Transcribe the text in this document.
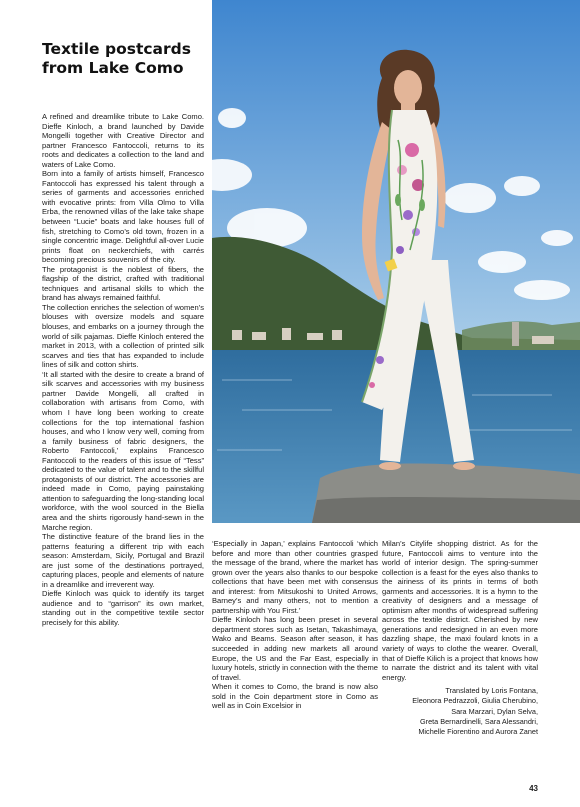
Textile postcards
from Lake Como

A refined and dreamlike tribute to Lake Como. Dieffe Kinloch, a brand launched by Davide Mongelli together with Creative Director and partner Francesco Fantoccoli, returns to its roots and dedicates a collection to the land and waters of Lake Como.

Born into a family of artists himself, Francesco Fantoccoli has expressed his talent through a series of garments and accessories enriched with evocative prints: from Villa Olmo to Villa Erba, the renowned villas of the lake take shape between “Lucie” boats and lake houses full of fish, stretching to Como’s old town, frozen in a single concentric image. Delightful all-over Lucie prints float on neckerchiefs, with carrés becoming precious souvenirs of the city.

The protagonist is the noblest of fibers, the flagship of the district, crafted with traditional techniques and artisanal skills to which the brand has always remained faithful.

The collection enriches the selection of women’s blouses with oversize models and square blouses, and embarks on a journey through the world of silk pajamas. Dieffe Kinloch entered the market in 2013, with a collection of printed silk scarves and ties that has expanded to include lines of silk and cotton shirts.

‘It all started with the desire to create a brand of silk scarves and accessories with my business partner Davide Mongelli, all crafted in collaboration with artisans from Como, with whom I have long been working to create collections for the top international fashion houses, and who I know very well, coming from a family business of fabric designers, the Roberto Fantoccoli,’ explains Francesco Fantoccoli to the readers of this issue of “Tess” dedicated to the value of talent and to the skillful protagonists of our district. The accessories are indeed made in Como, paying painstaking attention to safeguarding the long-standing local workforce, with the wool sourced in the Biella area and the shirts rigorously hand-sewn in the Marche region.

The distinctive feature of the brand lies in the patterns featuring a different trip with each season: Amsterdam, Sicily, Portugal and Brazil are just some of the destinations portrayed, capturing places, people and elements of nature in a dreamlike and irreverent way.

Dieffe Kinloch was quick to identify its target audience and to “garrison” its own market, standing out in the competitive textile sector precisely for this ability.

‘Especially in Japan,’ explains Fantoccoli ‘which before and more than other countries grasped the message of the brand, where the market has grown over the years also thanks to our bespoke collections that have been met with consensus and interest: from Mitsukoshi to United Arrows, Barney’s and many others, not to mention a partnership with You First.’

Dieffe Kinloch has long been preset in several department stores such as Isetan, Takashimaya, Wako and Beams. Season after season, it has succeeded in adding new markets all around Europe, the US and the Far East, especially in luxury hotels, strictly in connection with the theme of travel.

When it comes to Como, the brand is now also sold in the Coin department store in Como as well as in Coin Excelsior in

Milan’s Citylife shopping district. As for the future, Fantoccoli aims to venture into the world of interior design. The spring-summer collection is a feast for the eyes also thanks to the airiness of its prints in terms of both garments and accessories. It is a hymn to the creativity of designers and a message of optimism after months of widespread suffering across the textile district. Cherished by new generations and redesigned in an even more dazzling shape, the maxi foulard knots in a variety of ways to clothe the wearer. Overall, that of Dieffe Kilich is a project that knows how to narrate the district and its talent with vital energy.

Translated by Loris Fontana,

Eleonora Pedrazzoli, Giulia Cherubino,

Sara Marzari, Dylan Selva,

Greta Bernardinelli, Sara Alessandri,

Michelle Fiorentino and Aurora Zanet

43
